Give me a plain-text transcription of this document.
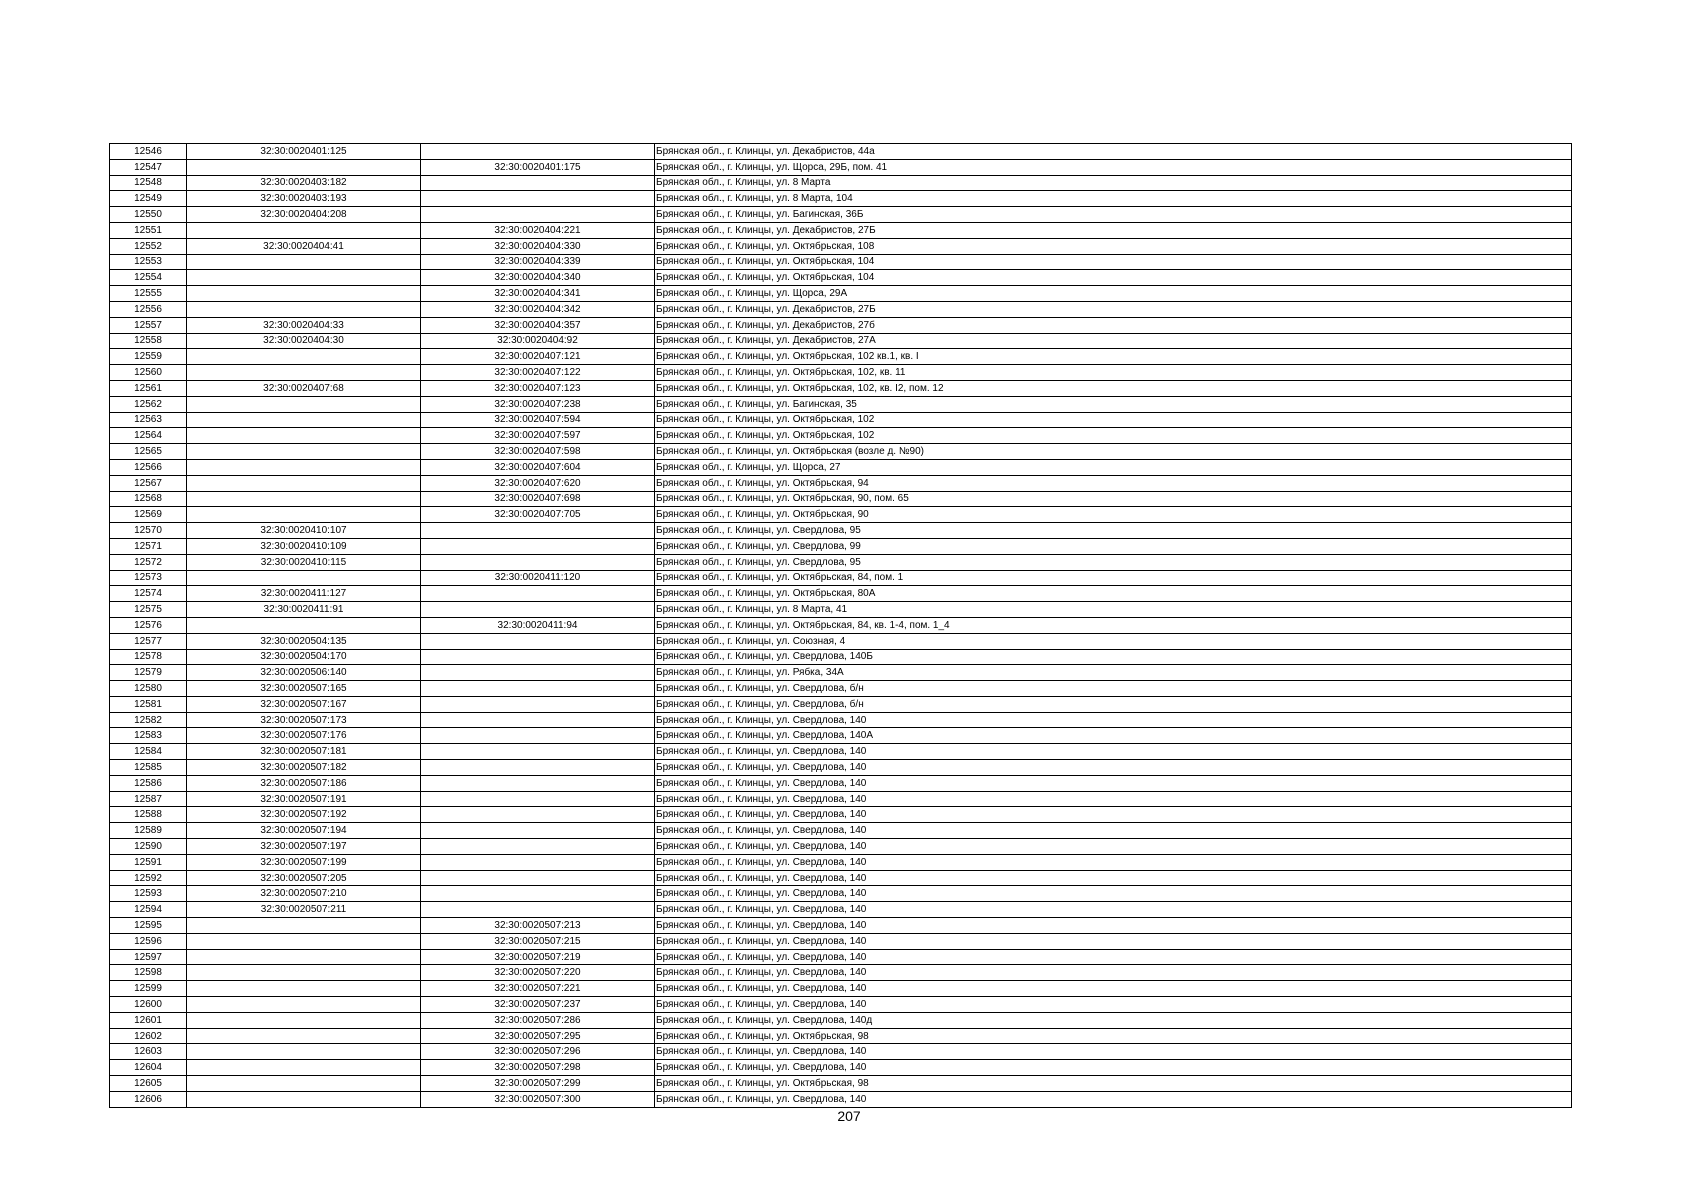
12546	32:30:0020401:125		Брянская обл., г. Клинцы, ул. Декабристов, 44а
12547		32:30:0020401:175	Брянская обл., г. Клинцы, ул. Щорса, 29Б, пом. 41
12548	32:30:0020403:182		Брянская обл., г. Клинцы, ул. 8 Марта
12549	32:30:0020403:193		Брянская обл., г. Клинцы, ул. 8 Марта, 104
12550	32:30:0020404:208		Брянская обл., г. Клинцы, ул. Багинская, 36Б
12551		32:30:0020404:221	Брянская обл., г. Клинцы, ул. Декабристов, 27Б
12552	32:30:0020404:41	32:30:0020404:330	Брянская обл., г. Клинцы, ул. Октябрьская, 108
12553		32:30:0020404:339	Брянская обл., г. Клинцы, ул. Октябрьская, 104
12554		32:30:0020404:340	Брянская обл., г. Клинцы, ул. Октябрьская, 104
12555		32:30:0020404:341	Брянская обл., г. Клинцы, ул. Щорса, 29А
12556		32:30:0020404:342	Брянская обл., г. Клинцы, ул. Декабристов, 27Б
12557	32:30:0020404:33	32:30:0020404:357	Брянская обл., г. Клинцы, ул. Декабристов, 27б
12558	32:30:0020404:30	32:30:0020404:92	Брянская обл., г. Клинцы, ул. Декабристов, 27А
12559		32:30:0020407:121	Брянская обл., г. Клинцы, ул. Октябрьская, 102 кв.1, кв. I
12560		32:30:0020407:122	Брянская обл., г. Клинцы, ул. Октябрьская, 102, кв. 11
12561	32:30:0020407:68	32:30:0020407:123	Брянская обл., г. Клинцы, ул. Октябрьская, 102, кв. I2, пом. 12
12562		32:30:0020407:238	Брянская обл., г. Клинцы, ул. Багинская, 35
12563		32:30:0020407:594	Брянская обл., г. Клинцы, ул. Октябрьская, 102
12564		32:30:0020407:597	Брянская обл., г. Клинцы, ул. Октябрьская, 102
12565		32:30:0020407:598	Брянская обл., г. Клинцы, ул. Октябрьская (возле д. №90)
12566		32:30:0020407:604	Брянская обл., г. Клинцы, ул. Щорса, 27
12567		32:30:0020407:620	Брянская обл., г. Клинцы, ул. Октябрьская, 94
12568		32:30:0020407:698	Брянская обл., г. Клинцы, ул. Октябрьская, 90, пом. 65
12569		32:30:0020407:705	Брянская обл., г. Клинцы, ул. Октябрьская, 90
12570	32:30:0020410:107		Брянская обл., г. Клинцы, ул. Свердлова, 95
12571	32:30:0020410:109		Брянская обл., г. Клинцы, ул. Свердлова, 99
12572	32:30:0020410:115		Брянская обл., г. Клинцы, ул. Свердлова, 95
12573		32:30:0020411:120	Брянская обл., г. Клинцы, ул. Октябрьская, 84, пом. 1
12574	32:30:0020411:127		Брянская обл., г. Клинцы, ул. Октябрьская, 80А
12575	32:30:0020411:91		Брянская обл., г. Клинцы, ул. 8 Марта, 41
12576		32:30:0020411:94	Брянская обл., г. Клинцы, ул. Октябрьская, 84, кв. 1-4, пом. 1_4
12577	32:30:0020504:135		Брянская обл., г. Клинцы, ул. Союзная, 4
12578	32:30:0020504:170		Брянская обл., г. Клинцы, ул. Свердлова, 140Б
12579	32:30:0020506:140		Брянская обл., г. Клинцы, ул. Рябка, 34А
12580	32:30:0020507:165		Брянская обл., г. Клинцы, ул. Свердлова, б/н
12581	32:30:0020507:167		Брянская обл., г. Клинцы, ул. Свердлова, б/н
12582	32:30:0020507:173		Брянская обл., г. Клинцы, ул. Свердлова, 140
12583	32:30:0020507:176		Брянская обл., г. Клинцы, ул. Свердлова, 140А
12584	32:30:0020507:181		Брянская обл., г. Клинцы, ул. Свердлова, 140
12585	32:30:0020507:182		Брянская обл., г. Клинцы, ул. Свердлова, 140
12586	32:30:0020507:186		Брянская обл., г. Клинцы, ул. Свердлова, 140
12587	32:30:0020507:191		Брянская обл., г. Клинцы, ул. Свердлова, 140
12588	32:30:0020507:192		Брянская обл., г. Клинцы, ул. Свердлова, 140
12589	32:30:0020507:194		Брянская обл., г. Клинцы, ул. Свердлова, 140
12590	32:30:0020507:197		Брянская обл., г. Клинцы, ул. Свердлова, 140
12591	32:30:0020507:199		Брянская обл., г. Клинцы, ул. Свердлова, 140
12592	32:30:0020507:205		Брянская обл., г. Клинцы, ул. Свердлова, 140
12593	32:30:0020507:210		Брянская обл., г. Клинцы, ул. Свердлова, 140
12594	32:30:0020507:211		Брянская обл., г. Клинцы, ул. Свердлова, 140
12595		32:30:0020507:213	Брянская обл., г. Клинцы, ул. Свердлова, 140
12596		32:30:0020507:215	Брянская обл., г. Клинцы, ул. Свердлова, 140
12597		32:30:0020507:219	Брянская обл., г. Клинцы, ул. Свердлова, 140
12598		32:30:0020507:220	Брянская обл., г. Клинцы, ул. Свердлова, 140
12599		32:30:0020507:221	Брянская обл., г. Клинцы, ул. Свердлова, 140
12600		32:30:0020507:237	Брянская обл., г. Клинцы, ул. Свердлова, 140
12601		32:30:0020507:286	Брянская обл., г. Клинцы, ул. Свердлова, 140д
12602		32:30:0020507:295	Брянская обл., г. Клинцы, ул. Октябрьская, 98
12603		32:30:0020507:296	Брянская обл., г. Клинцы, ул. Свердлова, 140
12604		32:30:0020507:298	Брянская обл., г. Клинцы, ул. Свердлова, 140
12605		32:30:0020507:299	Брянская обл., г. Клинцы, ул. Октябрьская, 98
12606		32:30:0020507:300	Брянская обл., г. Клинцы, ул. Свердлова, 140
207
